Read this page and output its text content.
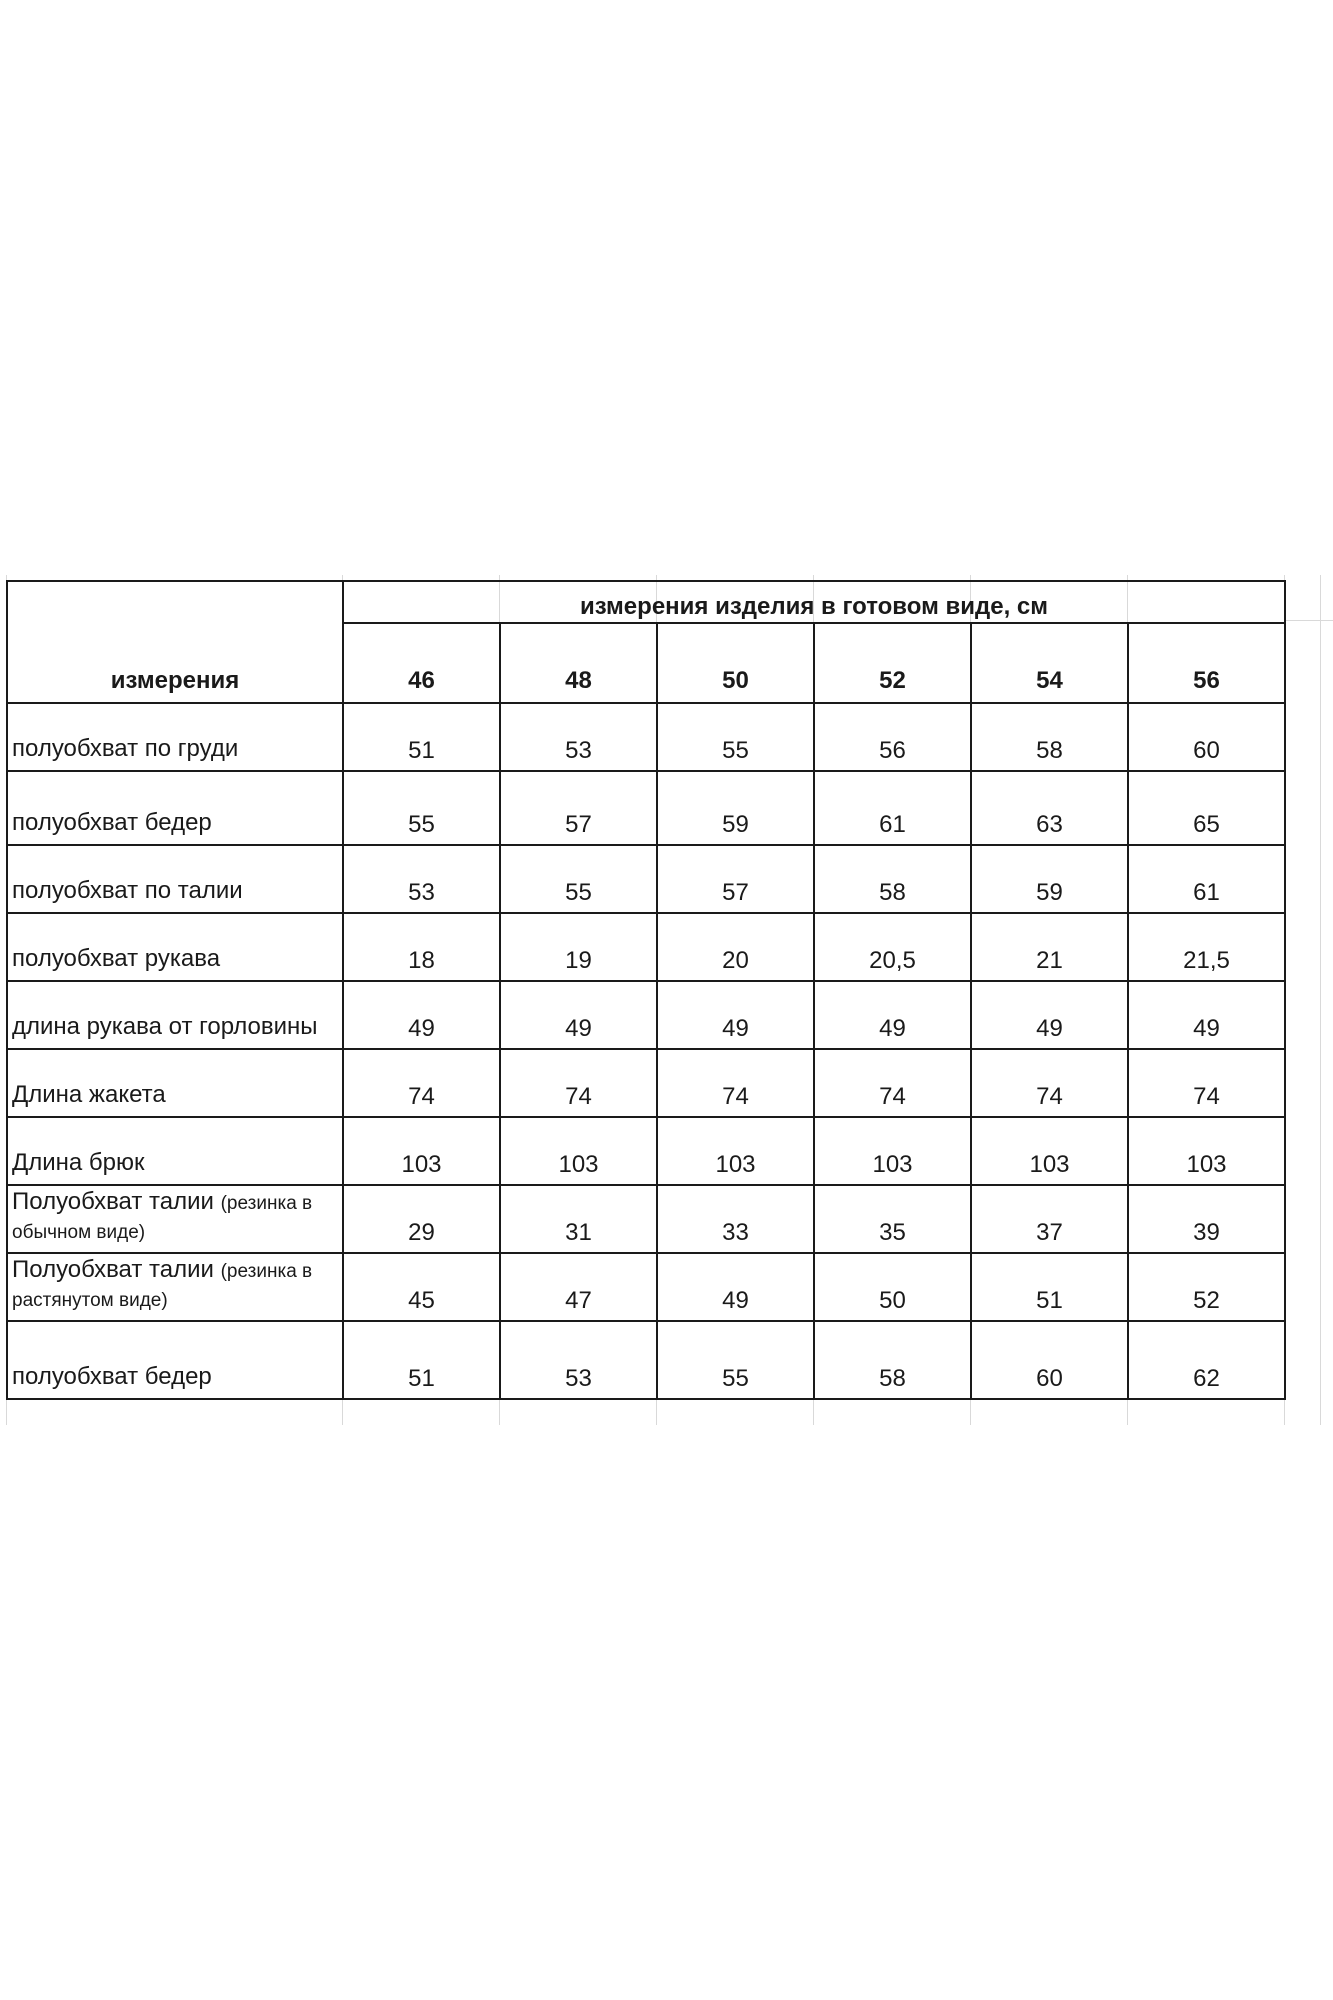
измерения	измерения изделия в готовом виде, см					
	46	48	50	52	54	56
полуобхват по груди	51	53	55	56	58	60
полуобхват бедер	55	57	59	61	63	65
полуобхват по талии	53	55	57	58	59	61
полуобхват рукава	18	19	20	20,5	21	21,5
длина рукава от горловины	49	49	49	49	49	49
Длина жакета	74	74	74	74	74	74
Длина брюк	103	103	103	103	103	103
Полуобхват талии (резинка в обычном виде)	29	31	33	35	37	39
Полуобхват талии (резинка в растянутом виде)	45	47	49	50	51	52
полуобхват бедер	51	53	55	58	60	62
